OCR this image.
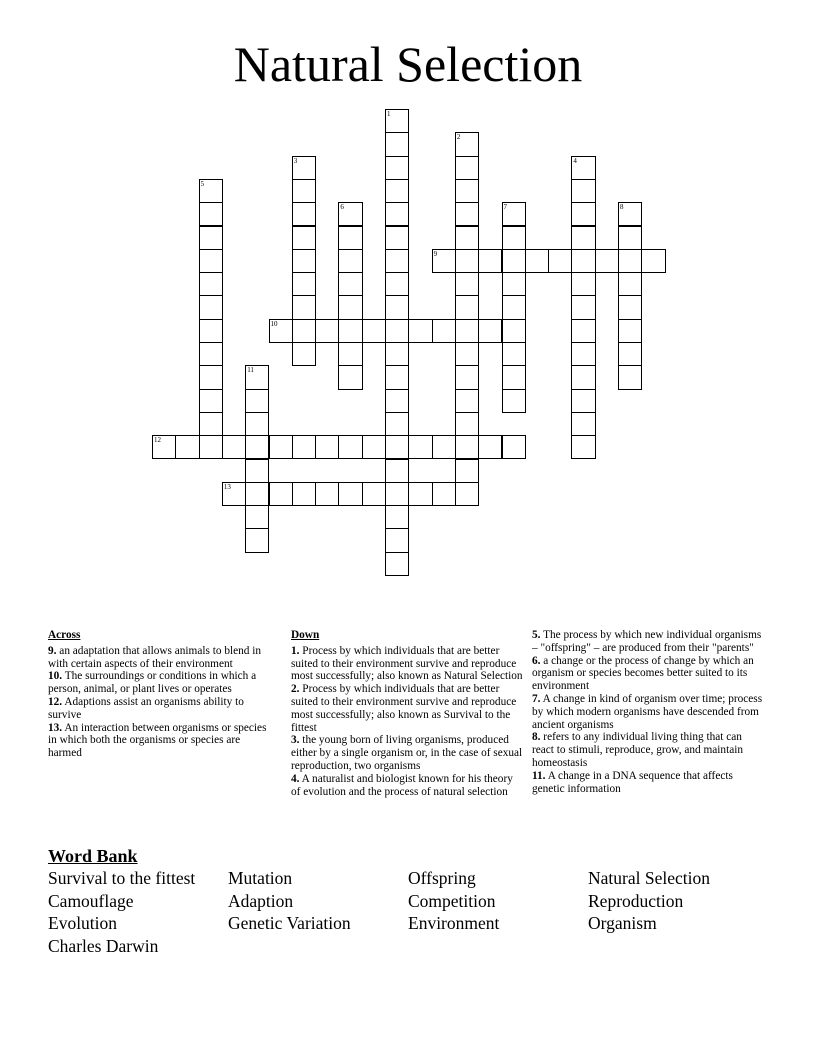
Natural Selection
1
2
3	4
5
6	7	8
9
10
11
12
13
Across
9. an adaptation that allows animals to blend in with certain aspects of their environment
10. The surroundings or conditions in which a person, animal, or plant lives or operates
12. Adaptions assist an organisms ability to survive
13. An interaction between organisms or species in which both the organisms or species are harmed
Down
1. Process by which individuals that are better suited to their environment survive and reproduce most successfully; also known as Natural Selection
2. Process by which individuals that are better suited to their environment survive and reproduce most successfully; also known as Survival to the fittest
3. the young born of living organisms, produced either by a single organism or, in the case of sexual reproduction, two organisms
4. A naturalist and biologist known for his theory of evolution and the process of natural selection
5. The process by which new individual organisms – "offspring" – are produced from their "parents"
6. a change or the process of change by which an organism or species becomes better suited to its environment
7. A change in kind of organism over time; process by which modern organisms have descended from ancient organisms
8. refers to any individual living thing that can react to stimuli, reproduce, grow, and maintain homeostasis
11. A change in a DNA sequence that affects genetic information
Word Bank
Survival to the fittest Mutation	Offspring	Natural Selection
Camouflage	Adaption	Competition	Reproduction
Evolution	Genetic Variation	Environment	Organism
Charles Darwin
